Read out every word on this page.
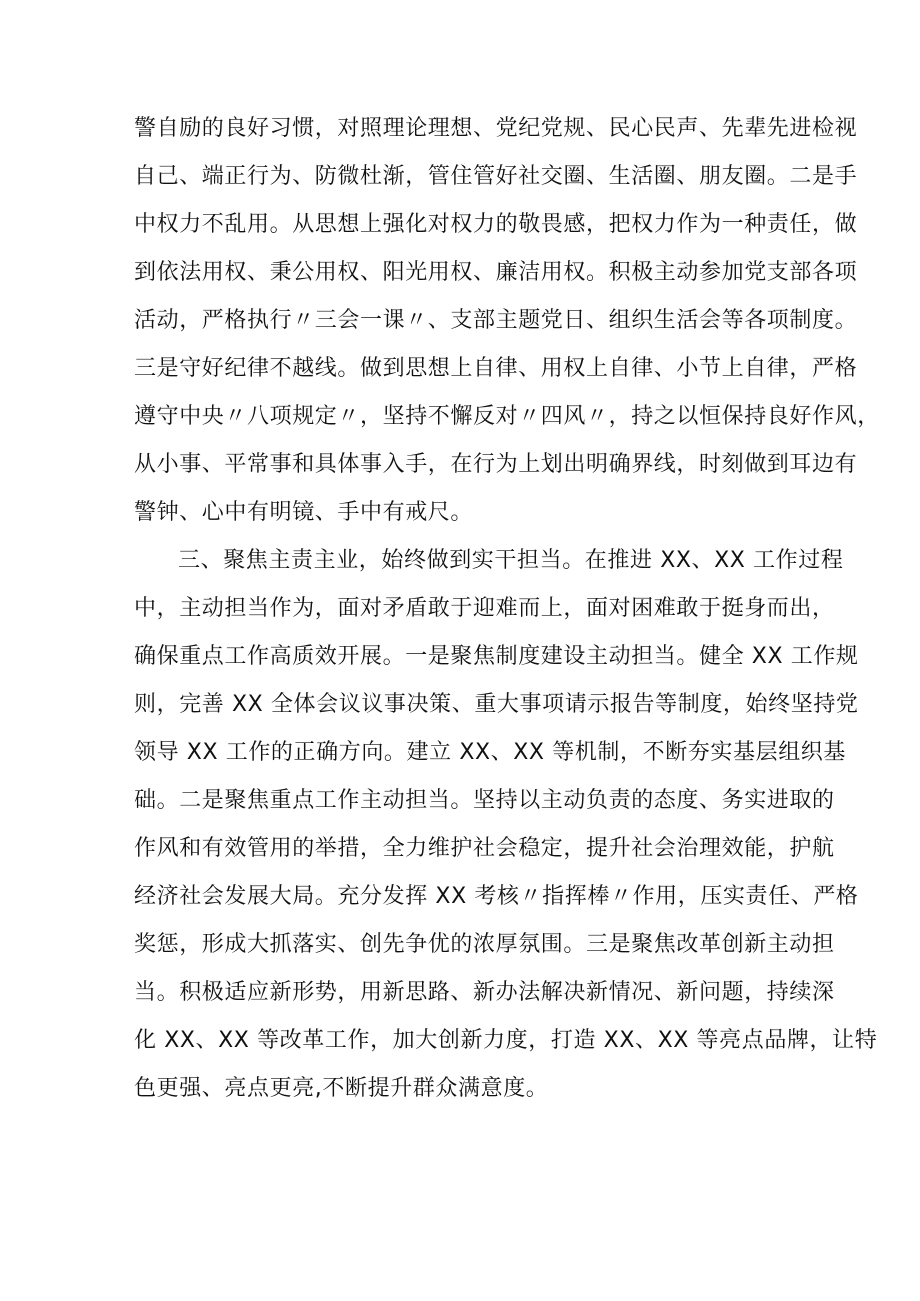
警自励的良好习惯，对照理论理想、党纪党规、民心民声、先辈先进检视
自己、端正行为、防微杜渐，管住管好社交圈、生活圈、朋友圈。二是手
中权力不乱用。从思想上强化对权力的敬畏感，把权力作为一种责任，做
到依法用权、秉公用权、阳光用权、廉洁用权。积极主动参加党支部各项
活动，严格执行〃三会一课〃、支部主题党日、组织生活会等各项制度。
三是守好纪律不越线。做到思想上自律、用权上自律、小节上自律，严格
遵守中央〃八项规定〃，坚持不懈反对〃四风〃，持之以恒保持良好作风，
从小事、平常事和具体事入手，在行为上划出明确界线，时刻做到耳边有
警钟、心中有明镜、手中有戒尺。
三、聚焦主责主业，始终做到实干担当。在推进 XX、XX 工作过程
中，主动担当作为，面对矛盾敢于迎难而上，面对困难敢于挺身而出，
确保重点工作高质效开展。一是聚焦制度建设主动担当。健全 XX 工作规
则，完善 XX 全体会议议事决策、重大事项请示报告等制度，始终坚持党
领导 XX 工作的正确方向。建立 XX、XX 等机制，不断夯实基层组织基
础。二是聚焦重点工作主动担当。坚持以主动负责的态度、务实进取的
作风和有效管用的举措，全力维护社会稳定，提升社会治理效能，护航
经济社会发展大局。充分发挥 XX 考核〃指挥棒〃作用，压实责任、严格
奖惩，形成大抓落实、创先争优的浓厚氛围。三是聚焦改革创新主动担
当。积极适应新形势，用新思路、新办法解决新情况、新问题，持续深
化 XX、XX 等改革工作，加大创新力度，打造 XX、XX 等亮点品牌，让特
色更强、亮点更亮,不断提升群众满意度。
